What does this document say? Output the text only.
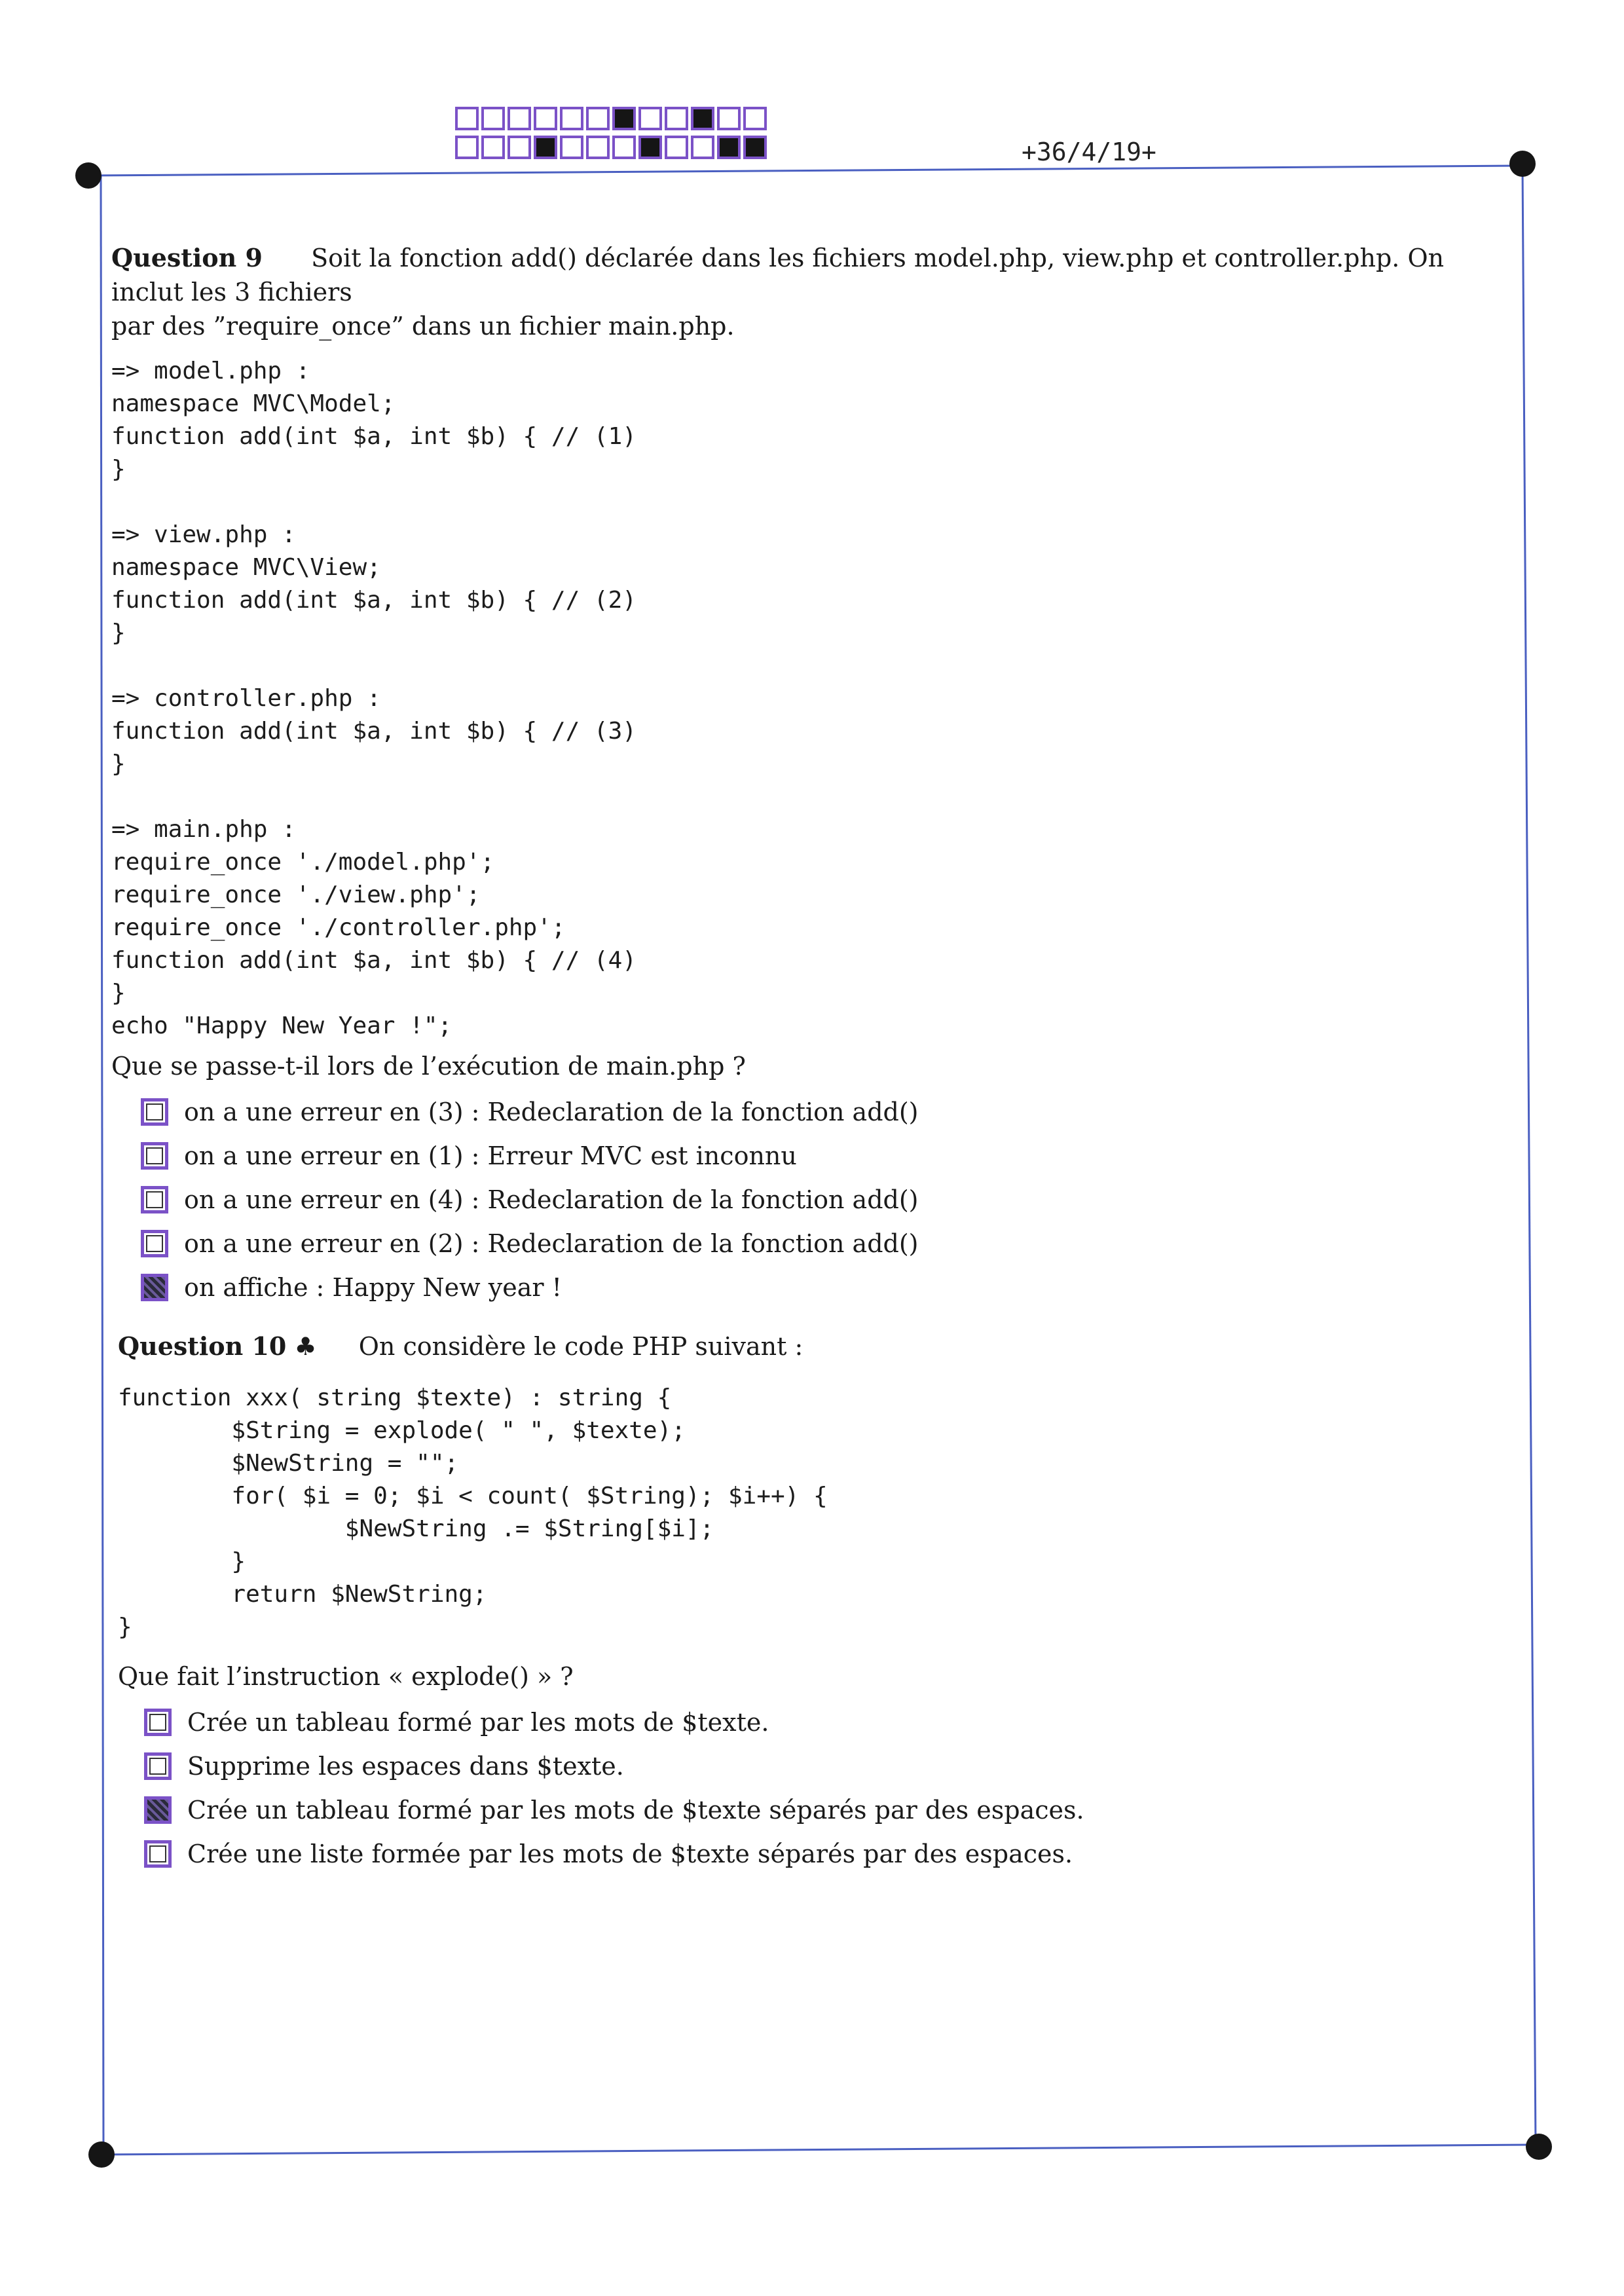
+36/4/19+
Question 9 Soit la fonction add() déclarée dans les fichiers model.php, view.php et controller.php. On inclut les 3 fichiers
par des ”require_once” dans un fichier main.php.
=> model.php :
namespace MVC\Model;
function add(int $a, int $b) { // (1)
}

=> view.php :
namespace MVC\View;
function add(int $a, int $b) { // (2)
}

=> controller.php :
function add(int $a, int $b) { // (3)
}

=> main.php :
require_once './model.php';
require_once './view.php';
require_once './controller.php';
function add(int $a, int $b) { // (4)
}
echo "Happy New Year !";
Que se passe-t-il lors de l’exécution de main.php ?
on a une erreur en (3) : Redeclaration de la fonction add()
on a une erreur en (1) : Erreur MVC est inconnu
on a une erreur en (4) : Redeclaration de la fonction add()
on a une erreur en (2) : Redeclaration de la fonction add()
on affiche : Happy New year !
Question 10 ♣ On considère le code PHP suivant :
function xxx( string $texte) : string {
$String = explode( " ", $texte);
$NewString = "";
for( $i = 0; $i < count( $String); $i++) {
$NewString .= $String[$i];
}
return $NewString;
}
Que fait l’instruction « explode() » ?
Crée un tableau formé par les mots de $texte.
Supprime les espaces dans $texte.
Crée un tableau formé par les mots de $texte séparés par des espaces.
Crée une liste formée par les mots de $texte séparés par des espaces.
